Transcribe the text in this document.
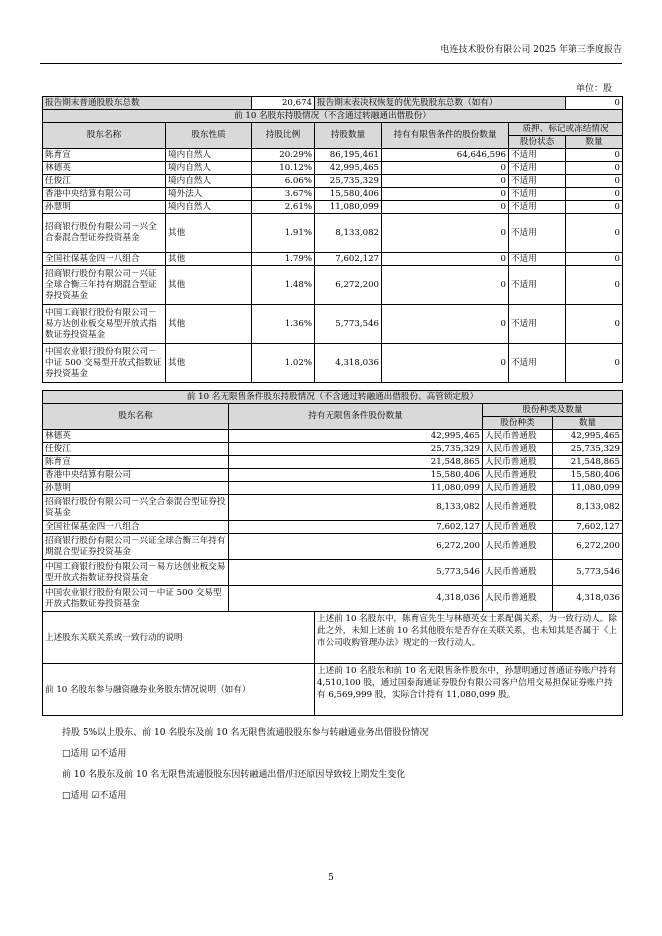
电连技术股份有限公司 2025 年第三季度报告
单位：股
报告期末普通股股东总数		20,674	报告期末表决权恢复的优先股股东总数（如有）			0
前 10 名股东持股情况（不含通过转融通出借股份）						
股东名称	股东性质	持股比例	持股数量	持有有限售条件的股份数量	质押、标记或冻结情况	
					股份状态	数量
陈育宣	境内自然人	20.29%	86,195,461	64,646,596	不适用	0
林德英	境内自然人	10.12%	42,995,465	0	不适用	0
任俊江	境内自然人	6.06%	25,735,329	0	不适用	0
香港中央结算有限公司	境外法人	3.67%	15,580,406	0	不适用	0
孙慧明	境内自然人	2.61%	11,080,099	0	不适用	0
招商银行股份有限公司－兴全合泰混合型证券投资基金	其他	1.91%	8,133,082	0	不适用	0
全国社保基金四一八组合	其他	1.79%	7,602,127	0	不适用	0
招商银行股份有限公司－兴证全球合衡三年持有期混合型证券投资基金	其他	1.48%	6,272,200	0	不适用	0
中国工商银行股份有限公司－易方达创业板交易型开放式指数证券投资基金	其他	1.36%	5,773,546	0	不适用	0
中国农业银行股份有限公司－中证 500 交易型开放式指数证券投资基金	其他	1.02%	4,318,036	0	不适用	0
前 10 名无限售条件股东持股情况（不含通过转融通出借股份、高管锁定股）				
股东名称	持有无限售条件股份数量		股份种类及数量	
			股份种类	数量
林德英	42,995,465		人民币普通股	42,995,465
任俊江	25,735,329		人民币普通股	25,735,329
陈育宣	21,548,865		人民币普通股	21,548,865
香港中央结算有限公司	15,580,406		人民币普通股	15,580,406
孙慧明	11,080,099		人民币普通股	11,080,099
招商银行股份有限公司－兴全合泰混合型证券投资基金	8,133,082		人民币普通股	8,133,082
全国社保基金四一八组合	7,602,127		人民币普通股	7,602,127
招商银行股份有限公司－兴证全球合衡三年持有期混合型证券投资基金	6,272,200		人民币普通股	6,272,200
中国工商银行股份有限公司－易方达创业板交易型开放式指数证券投资基金	5,773,546		人民币普通股	5,773,546
中国农业银行股份有限公司－中证 500 交易型开放式指数证券投资基金	4,318,036		人民币普通股	4,318,036
上述股东关联关系或一致行动的说明		上述前 10 名股东中，陈育宣先生与林德英女士系配偶关系，为一致行动人。除此之外，未知上述前 10 名其他股东是否存在关联关系，也未知其是否属于《上市公司收购管理办法》规定的一致行动人。		
前 10 名股东参与融资融券业务股东情况说明（如有）		上述前 10 名股东和前 10 名无限售条件股东中，孙慧明通过普通证券账户持有 4,510,100 股，通过国泰海通证券股份有限公司客户信用交易担保证券账户持有 6,569,999 股，实际合计持有 11,080,099 股。		
持股 5%以上股东、前 10 名股东及前 10 名无限售流通股股东参与转融通业务出借股份情况
□适用 ☑不适用
前 10 名股东及前 10 名无限售流通股股东因转融通出借/归还原因导致较上期发生变化
□适用 ☑不适用
5
